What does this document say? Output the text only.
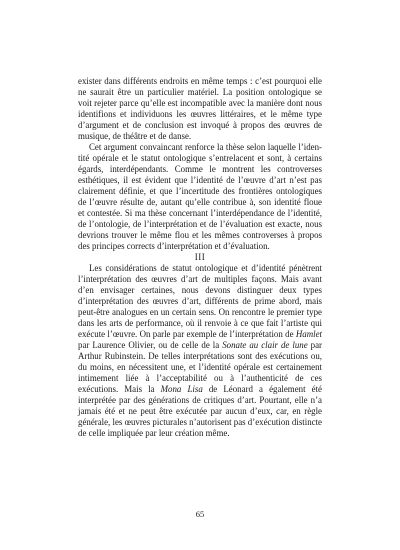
exister dans différents endroits en même temps : c’est pourquoi elle ne saurait être un particulier matériel. La position ontologique se voit rejeter parce qu’elle est incompatible avec la manière dont nous identifions et individuons les œuvres littéraires, et le même type d’argument et de conclusion est invoqué à propos des œuvres de musique, de théâtre et de danse.

Cet argument convaincant renforce la thèse selon laquelle l’identité opérale et le statut ontologique s’entrelacent et sont, à certains égards, interdépendants. Comme le montrent les controverses esthétiques, il est évident que l’identité de l’œuvre d’art n’est pas clairement définie, et que l’incertitude des frontières ontologiques de l’œuvre résulte de, autant qu’elle contribue à, son identité floue et contestée. Si ma thèse concernant l’interdépendance de l’identité, de l’ontologie, de l’interprétation et de l’évaluation est exacte, nous devrions trouver le même flou et les mêmes controverses à propos des principes corrects d’interprétation et d’évaluation.

III

Les considérations de statut ontologique et d’identité pénètrent l’interprétation des œuvres d’art de multiples façons. Mais avant d’en envisager certaines, nous devons distinguer deux types d’interprétation des œuvres d’art, différents de prime abord, mais peut-être analogues en un certain sens. On rencontre le premier type dans les arts de performance, où il renvoie à ce que fait l’artiste qui exécute l’œuvre. On parle par exemple de l’interprétation de Hamlet par Laurence Olivier, ou de celle de la Sonate au clair de lune par Arthur Rubinstein. De telles interprétations sont des exécutions ou, du moins, en nécessitent une, et l’identité opérale est certainement intimement liée à l’acceptabilité ou à l’authenticité de ces exécutions. Mais la Mona Lisa de Léonard a également été interprétée par des générations de critiques d’art. Pourtant, elle n’a jamais été et ne peut être exécutée par aucun d’eux, car, en règle générale, les œuvres picturales n’autorisent pas d’exécution distincte de celle impliquée par leur création même.

65
